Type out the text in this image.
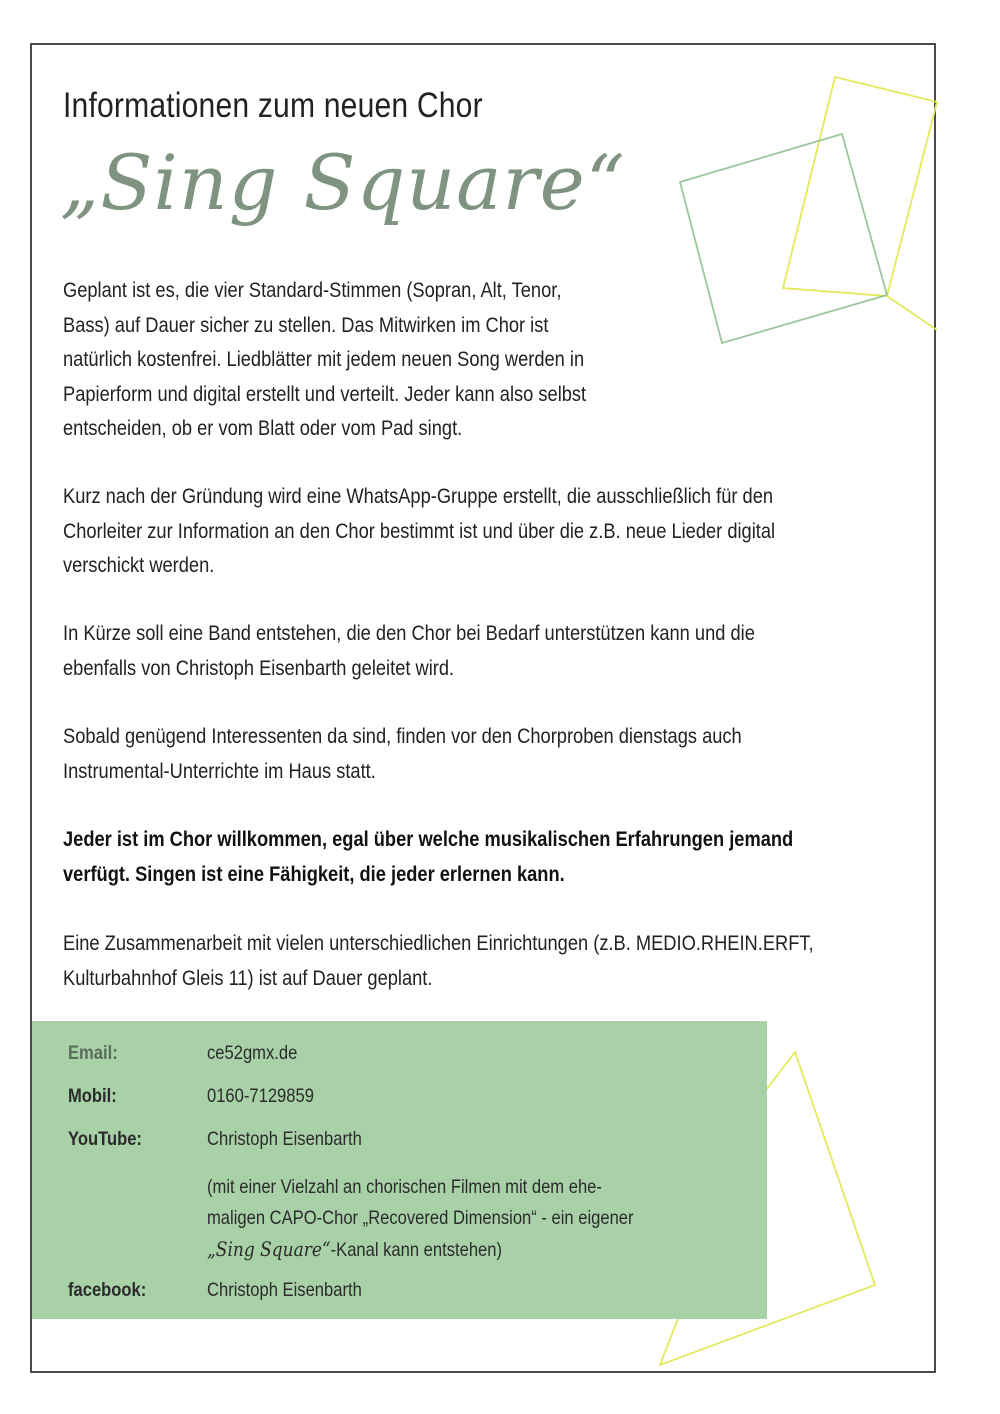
Informationen zum neuen Chor
„Sing Square“
Geplant ist es, die vier Standard-Stimmen (Sopran, Alt, Tenor,
Bass) auf Dauer sicher zu stellen. Das Mitwirken im Chor ist
natürlich kostenfrei. Liedblätter mit jedem neuen Song werden in
Papierform und digital erstellt und verteilt. Jeder kann also selbst
entscheiden, ob er vom Blatt oder vom Pad singt.
Kurz nach der Gründung wird eine WhatsApp-Gruppe erstellt, die ausschließlich für den
Chorleiter zur Information an den Chor bestimmt ist und über die z.B. neue Lieder digital
verschickt werden.
In Kürze soll eine Band entstehen, die den Chor bei Bedarf unterstützen kann und die
ebenfalls von Christoph Eisenbarth geleitet wird.
Sobald genügend Interessenten da sind, finden vor den Chorproben dienstags auch
Instrumental-Unterrichte im Haus statt.
Jeder ist im Chor willkommen, egal über welche musikalischen Erfahrungen jemand
verfügt. Singen ist eine Fähigkeit, die jeder erlernen kann.
Eine Zusammenarbeit mit vielen unterschiedlichen Einrichtungen (z.B. MEDIO.RHEIN.ERFT,
Kulturbahnhof Gleis 11) ist auf Dauer geplant.
Email:	ce52gmx.de
Mobil:	0160-7129859
YouTube:	Christoph Eisenbarth
(mit einer Vielzahl an chorischen Filmen mit dem ehe-
maligen CAPO-Chor „Recovered Dimension“ - ein eigener
„Sing Square“-Kanal kann entstehen)
facebook:	Christoph Eisenbarth
